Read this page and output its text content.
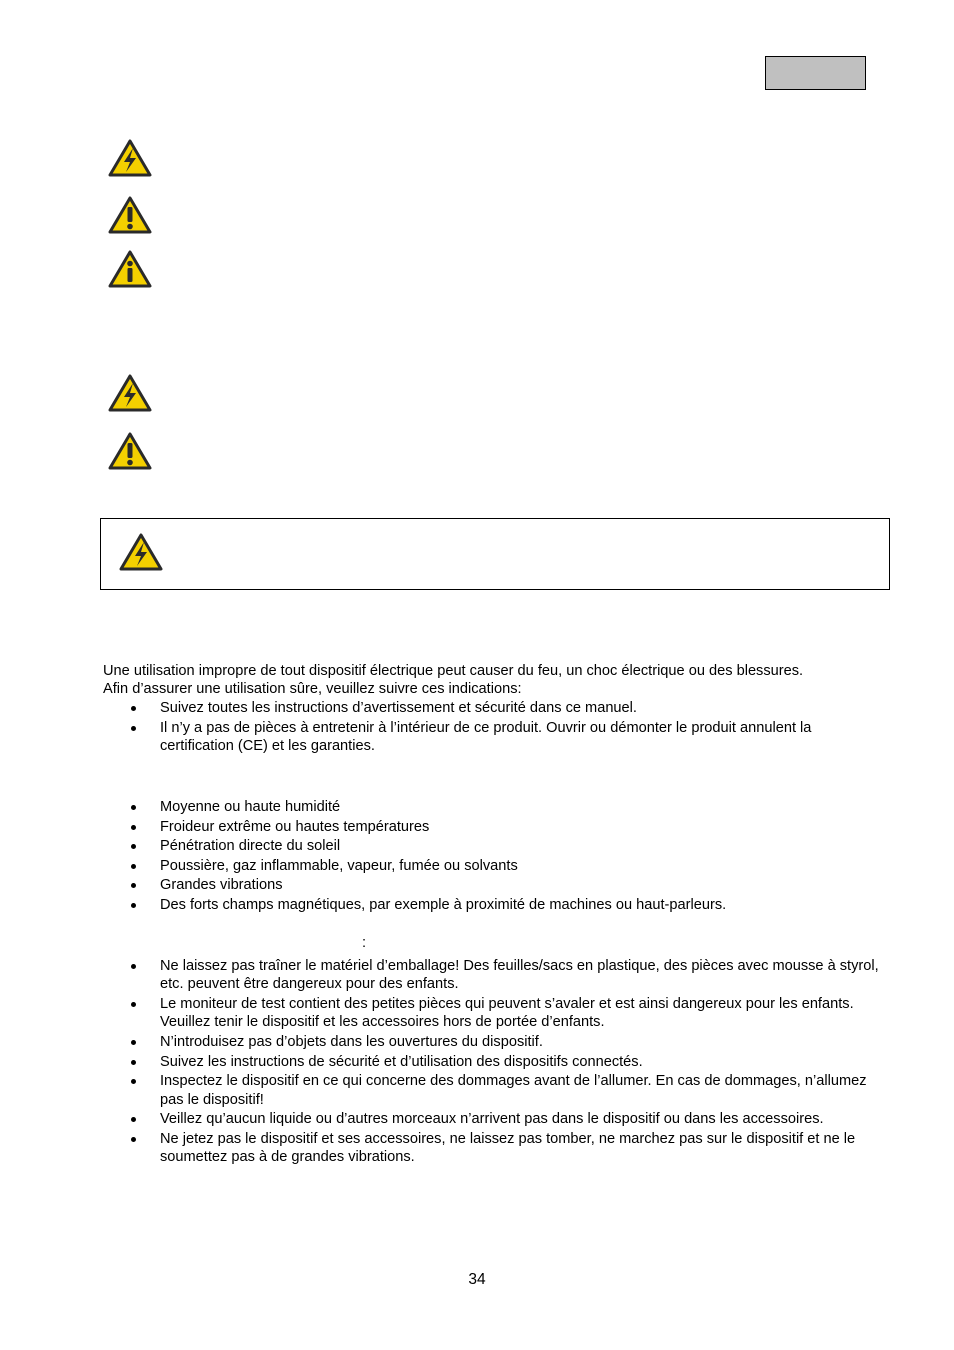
Une utilisation impropre de tout dispositif électrique peut causer du feu, un choc électrique ou des blessures.

Afin d’assurer une utilisation sûre, veuillez suivre ces indications:

Suivez toutes les instructions d’avertissement et sécurité dans ce manuel.
Il n’y a pas de pièces à entretenir à l’intérieur de ce produit. Ouvrir ou démonter le produit annulent la certification (CE) et les garanties.
Moyenne ou haute humidité
Froideur extrême ou hautes températures
Pénétration directe du soleil
Poussière, gaz inflammable, vapeur, fumée ou solvants
Grandes vibrations
Des forts champs magnétiques, par exemple à proximité de machines ou haut-parleurs.
:
Ne laissez pas traîner le matériel d’emballage! Des feuilles/sacs en plastique, des pièces avec mousse à styrol, etc. peuvent être dangereux pour des enfants.
Le moniteur de test contient des petites pièces qui peuvent s’avaler et est ainsi dangereux pour les enfants. Veuillez tenir le dispositif et les accessoires hors de portée d’enfants.
N’introduisez pas d’objets dans les ouvertures du dispositif.
Suivez les instructions de sécurité et d’utilisation des dispositifs connectés.
Inspectez le dispositif en ce qui concerne des dommages avant de l’allumer. En cas de dommages, n’allumez pas le dispositif!
Veillez qu’aucun liquide ou d’autres morceaux n’arrivent pas dans le dispositif ou dans les accessoires.
Ne jetez pas le dispositif et ses accessoires, ne laissez pas tomber, ne marchez pas sur le dispositif et ne le soumettez pas à de grandes vibrations.
34
